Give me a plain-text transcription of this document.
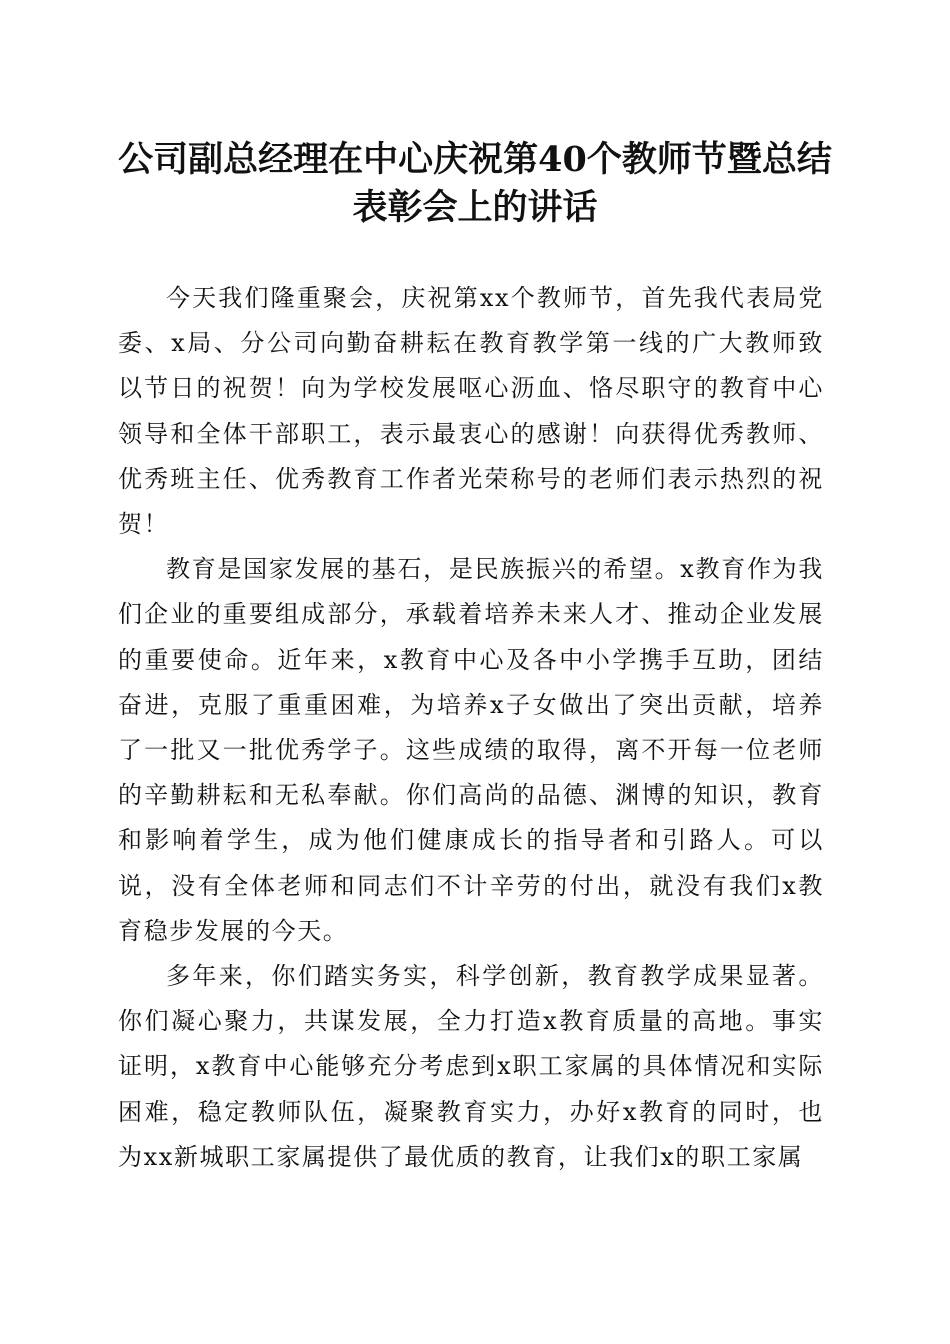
公司副总经理在中心庆祝第40个教师节暨总结表彰会上的讲话

今天我们隆重聚会，庆祝第xx个教师节，首先我代表局党委、x局、分公司向勤奋耕耘在教育教学第一线的广大教师致以节日的祝贺！向为学校发展呕心沥血、恪尽职守的教育中心领导和全体干部职工，表示最衷心的感谢！向获得优秀教师、优秀班主任、优秀教育工作者光荣称号的老师们表示热烈的祝贺！

教育是国家发展的基石，是民族振兴的希望。x教育作为我们企业的重要组成部分，承载着培养未来人才、推动企业发展的重要使命。近年来，x教育中心及各中小学携手互助，团结奋进，克服了重重困难，为培养x子女做出了突出贡献，培养了一批又一批优秀学子。这些成绩的取得，离不开每一位老师的辛勤耕耘和无私奉献。你们高尚的品德、渊博的知识，教育和影响着学生，成为他们健康成长的指导者和引路人。可以说，没有全体老师和同志们不计辛劳的付出，就没有我们x教育稳步发展的今天。

多年来，你们踏实务实，科学创新，教育教学成果显著。你们凝心聚力，共谋发展，全力打造x教育质量的高地。事实证明，x教育中心能够充分考虑到x职工家属的具体情况和实际困难，稳定教师队伍，凝聚教育实力，办好x教育的同时，也为xx新城职工家属提供了最优质的教育，让我们x的职工家属
